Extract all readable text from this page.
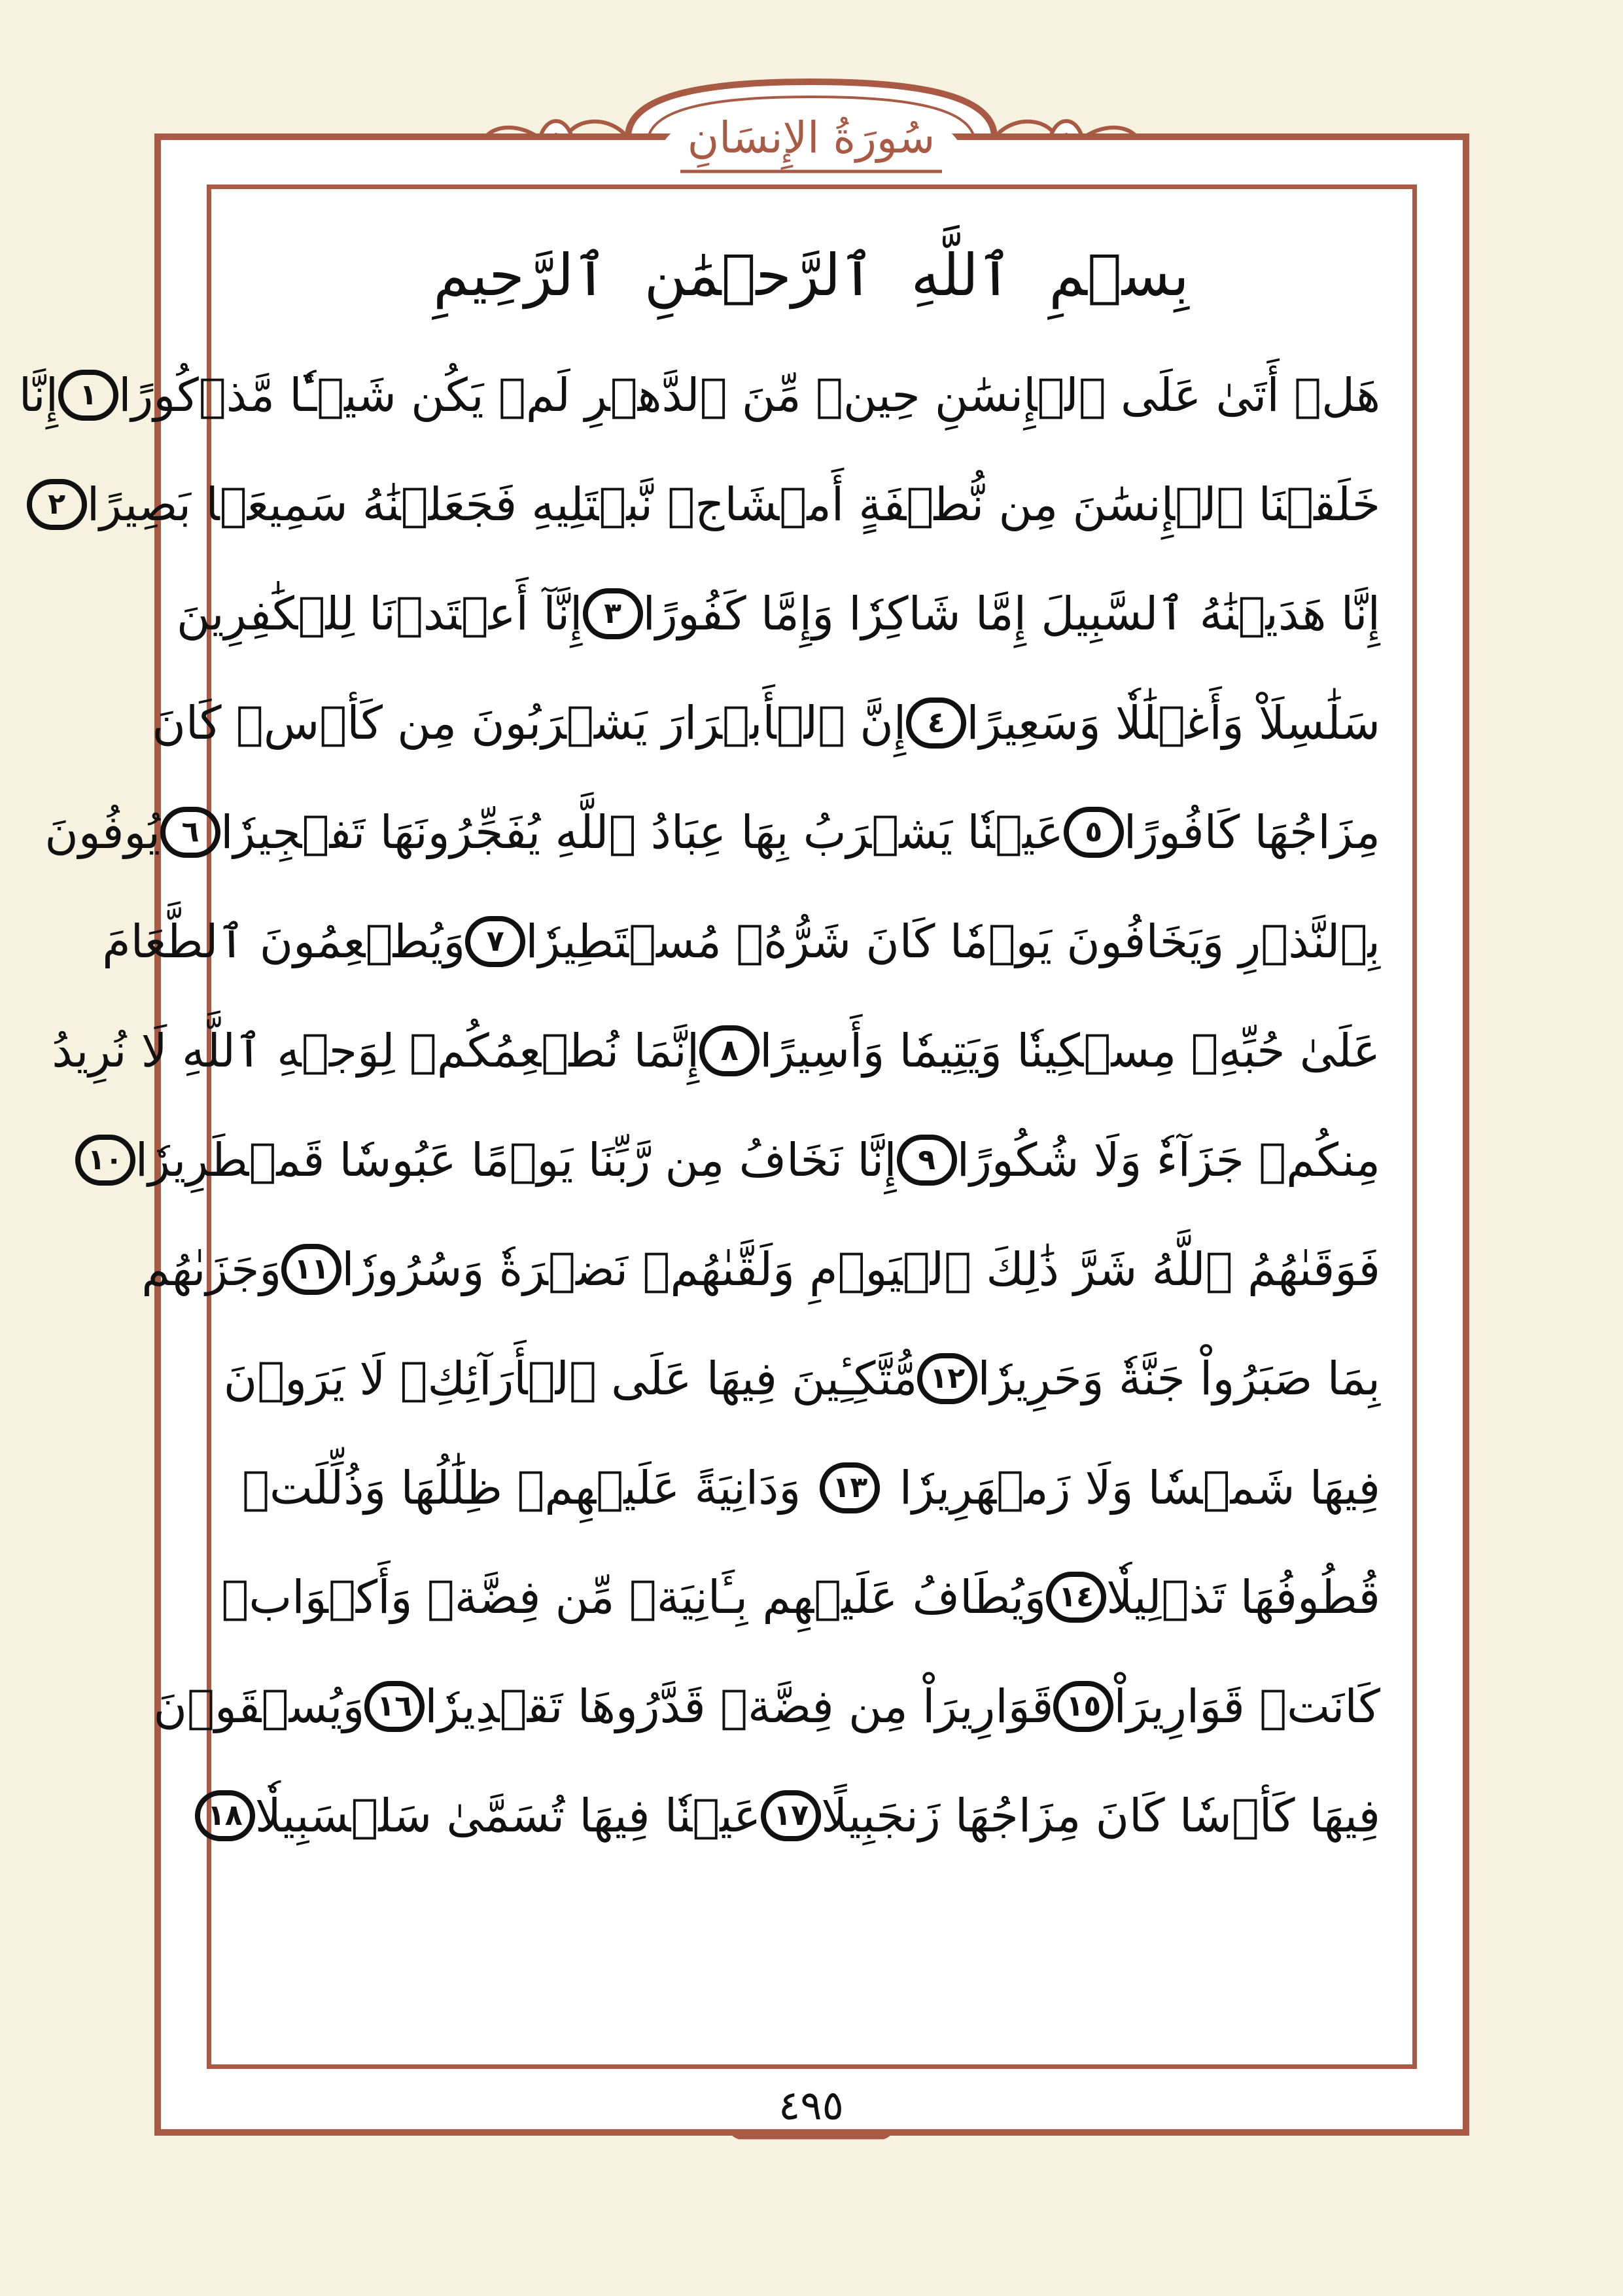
سُورَةُ الإِنسَانِ
بِسۡمِ ٱللَّهِ ٱلرَّحۡمَٰنِ ٱلرَّحِيمِ
هَلۡ أَتَىٰ عَلَى ٱلۡإِنسَٰنِ حِينٞ مِّنَ ٱلدَّهۡرِ لَمۡ يَكُن شَيۡـٔٗا مَّذۡكُورًا
١
إِنَّا
خَلَقۡنَا ٱلۡإِنسَٰنَ مِن نُّطۡفَةٍ أَمۡشَاجٖ نَّبۡتَلِيهِ فَجَعَلۡنَٰهُ سَمِيعَۢا بَصِيرًا
٢
إِنَّا هَدَيۡنَٰهُ ٱلسَّبِيلَ إِمَّا شَاكِرٗا وَإِمَّا كَفُورًا
٣
إِنَّآ أَعۡتَدۡنَا لِلۡكَٰفِرِينَ
سَلَٰسِلَاْ وَأَغۡلَٰلٗا وَسَعِيرًا
٤
إِنَّ ٱلۡأَبۡرَارَ يَشۡرَبُونَ مِن كَأۡسٖ كَانَ
مِزَاجُهَا كَافُورًا
٥
عَيۡنٗا يَشۡرَبُ بِهَا عِبَادُ ٱللَّهِ يُفَجِّرُونَهَا تَفۡجِيرٗا
٦
يُوفُونَ
بِٱلنَّذۡرِ وَيَخَافُونَ يَوۡمٗا كَانَ شَرُّهُۥ مُسۡتَطِيرٗا
٧
وَيُطۡعِمُونَ ٱلطَّعَامَ
عَلَىٰ حُبِّهِۦ مِسۡكِينٗا وَيَتِيمٗا وَأَسِيرًا
٨
إِنَّمَا نُطۡعِمُكُمۡ لِوَجۡهِ ٱللَّهِ لَا نُرِيدُ
مِنكُمۡ جَزَآءٗ وَلَا شُكُورًا
٩
إِنَّا نَخَافُ مِن رَّبِّنَا يَوۡمًا عَبُوسٗا قَمۡطَرِيرٗا
١٠
فَوَقَىٰهُمُ ٱللَّهُ شَرَّ ذَٰلِكَ ٱلۡيَوۡمِ وَلَقَّىٰهُمۡ نَضۡرَةٗ وَسُرُورٗا
١١
وَجَزَىٰهُم
بِمَا صَبَرُواْ جَنَّةٗ وَحَرِيرٗا
١٢
مُّتَّكِـِٔينَ فِيهَا عَلَى ٱلۡأَرَآئِكِۖ لَا يَرَوۡنَ
فِيهَا شَمۡسٗا وَلَا زَمۡهَرِيرٗا
١٣
وَدَانِيَةً عَلَيۡهِمۡ ظِلَٰلُهَا وَذُلِّلَتۡ
قُطُوفُهَا تَذۡلِيلٗا
١٤
وَيُطَافُ عَلَيۡهِم بِـَٔانِيَةٖ مِّن فِضَّةٖ وَأَكۡوَابٖ
كَانَتۡ قَوَارِيرَاْ
١٥
قَوَارِيرَاْ مِن فِضَّةٖ قَدَّرُوهَا تَقۡدِيرٗا
١٦
وَيُسۡقَوۡنَ
فِيهَا كَأۡسٗا كَانَ مِزَاجُهَا زَنجَبِيلًا
١٧
عَيۡنٗا فِيهَا تُسَمَّىٰ سَلۡسَبِيلٗا
١٨
٤٩٥
